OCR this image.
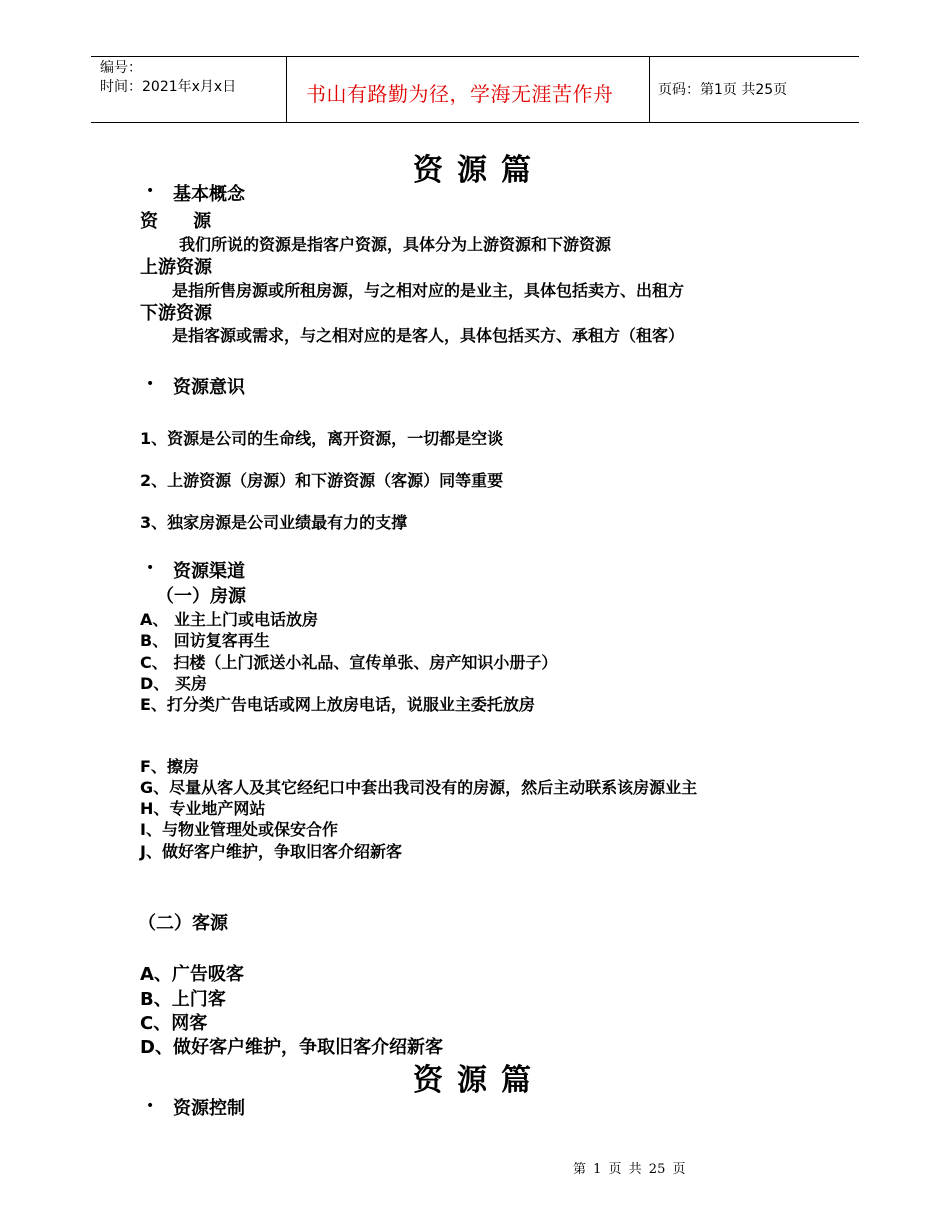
编号：
时间：2021年x月x日	书山有路勤为径，学海无涯苦作舟	页码：第1页 共25页
资源篇
• 基本概念
资    源
我们所说的资源是指客户资源，具体分为上游资源和下游资源
上游资源
是指所售房源或所租房源，与之相对应的是业主，具体包括卖方、出租方
下游资源
是指客源或需求，与之相对应的是客人，具体包括买方、承租方（租客）
• 资源意识
1、资源是公司的生命线，离开资源，一切都是空谈
2、上游资源（房源）和下游资源（客源）同等重要
3、独家房源是公司业绩最有力的支撑
• 资源渠道
（一）房源
A、 业主上门或电话放房
B、 回访复客再生
C、 扫楼（上门派送小礼品、宣传单张、房产知识小册子）
D、 买房
E、打分类广告电话或网上放房电话，说服业主委托放房
F、擦房
G、尽量从客人及其它经纪口中套出我司没有的房源，然后主动联系该房源业主
H、专业地产网站
I、与物业管理处或保安合作
J、做好客户维护，争取旧客介绍新客
（二）客源
A、广告吸客
B、上门客
C、网客
D、做好客户维护，争取旧客介绍新客
资源篇
• 资源控制
第 1 页 共 25 页
